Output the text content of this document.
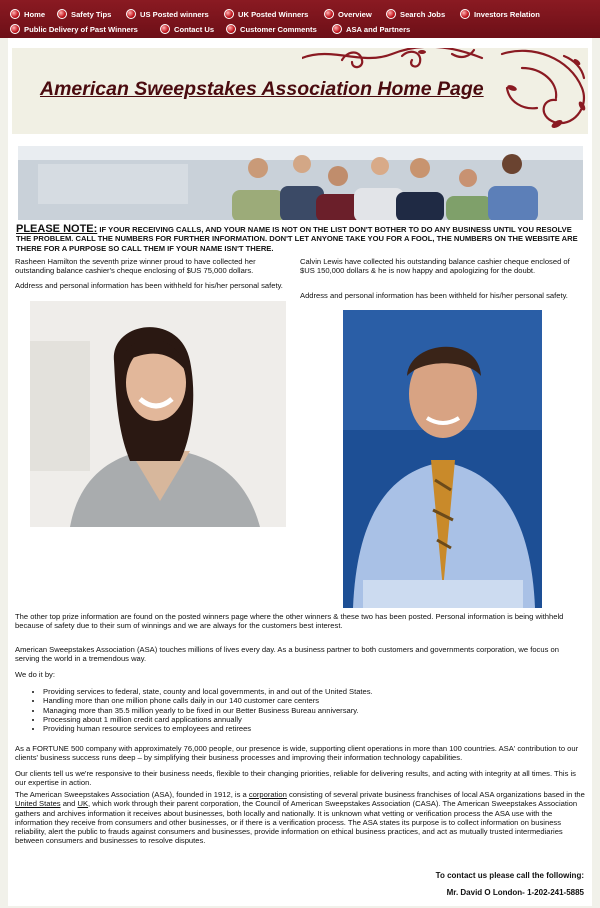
Home	Safety Tips	US Posted winners	UK Posted Winners	Overview	Search Jobs	Investors Relation
Public Delivery of Past Winners	Contact Us	Customer Comments	ASA and Partners
American Sweepstakes Association Home Page
PLEASE NOTE: IF YOUR RECEIVING CALLS, AND YOUR NAME IS NOT ON THE LIST DON'T BOTHER TO DO ANY BUSINESS UNTIL YOU RESOLVE THE PROBLEM. CALL THE NUMBERS FOR FURTHER INFORMATION. DON'T LET ANYONE TAKE YOU FOR A FOOL, THE NUMBERS ON THE WEBSITE ARE THERE FOR A PURPOSE SO CALL THEM IF YOUR NAME ISN'T THERE.
Rasheen Hamilton the seventh prize winner proud to have collected her outstanding balance cashier's cheque enclosing of $US 75,000 dollars.
Address and personal information has been withheld for his/her personal safety.
Calvin Lewis have collected his outstanding balance cashier cheque enclosed of $US 150,000 dollars & he is now happy and apologizing for the doubt.
Address and personal information has been withheld for his/her personal safety.
The other top prize information are found on the posted winners page where the other winners & these two has been posted. Personal information is being withheld because of safety due to their sum of winnings and we are always for the customers best interest.
American Sweepstakes Association (ASA) touches millions of lives every day. As a business partner to both customers and governments corporation, we focus on serving the world in a tremendous way.
We do it by:
• Providing services to federal, state, county and local governments, in and out of the United States.
• Handling more than one million phone calls daily in our 140 customer care centers
• Managing more than 35.5 million yearly to be fixed in our Better Business Bureau anniversary.
• Processing about 1 million credit card applications annually
• Providing human resource services to employees and retirees
As a FORTUNE 500 company with approximately 76,000 people, our presence is wide, supporting client operations in more than 100 countries. ASA' contribution to our clients' business success runs deep – by simplifying their business processes and improving their information technology capabilities.
Our clients tell us we're responsive to their business needs, flexible to their changing priorities, reliable for delivering results, and acting with integrity at all times. This is our expertise in action.
The American Sweepstakes Association (ASA), founded in 1912, is a corporation consisting of several private business franchises of local ASA organizations based in the United States and UK, which work through their parent corporation, the Council of American Sweepstakes Association (CASA). The American Sweepstakes Association gathers and archives information it receives about businesses, both locally and nationally. It is unknown what vetting or verification process the ASA use with the information they receive from consumers and other businesses, or if there is a verification process. The ASA states its purpose is to collect information on business reliability, alert the public to frauds against consumers and businesses, provide information on ethical business practices, and act as mutually trusted intermediaries between consumers and businesses to resolve disputes.
To contact us please call the following:
Mr. David O London- 1-202-241-5885
